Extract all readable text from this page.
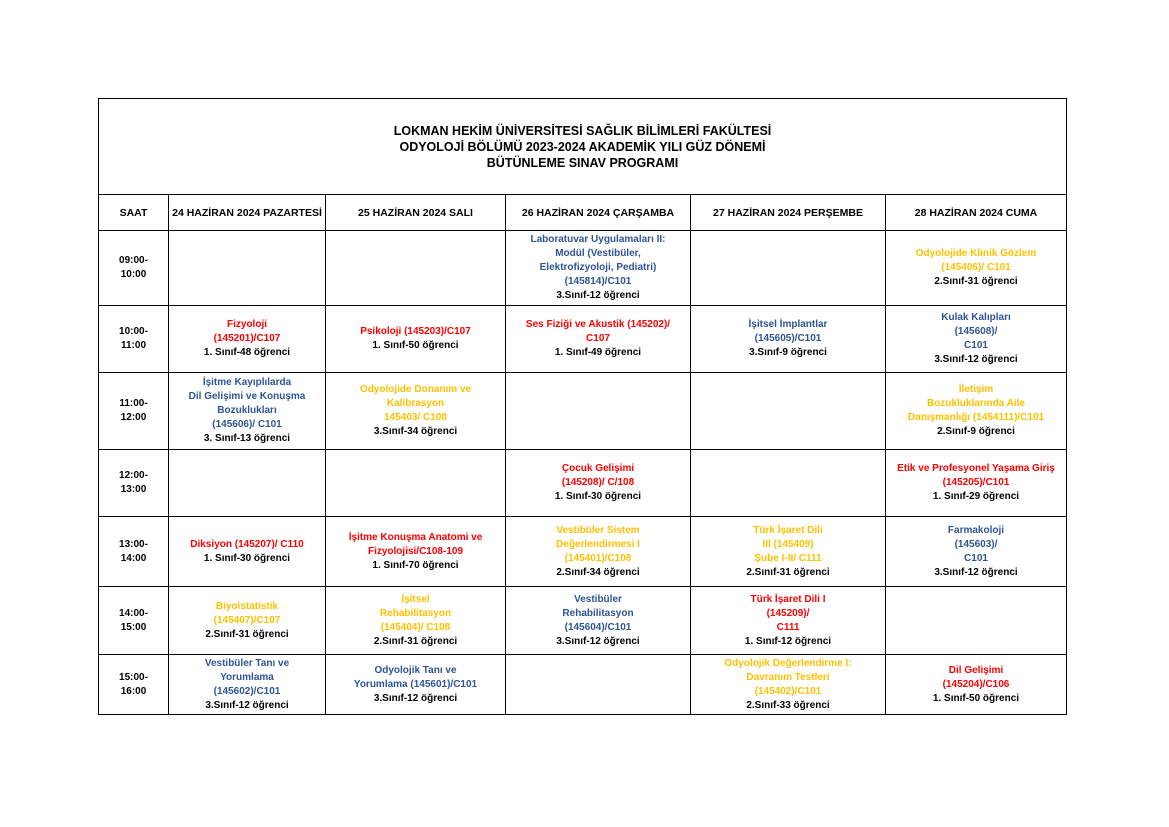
LOKMAN HEKİM ÜNİVERSİTESİ SAĞLIK BİLİMLERİ FAKÜLTESİ
ODYOLOJİ BÖLÜMÜ 2023-2024 AKADEMİK YILI GÜZ DÖNEMİ
BÜTÜNLEME SINAV PROGRAMI					

SAAT	24 HAZİRAN 2024 PAZARTESİ	25 HAZİRAN 2024 SALI	26 HAZİRAN 2024 ÇARŞAMBA	27 HAZİRAN 2024 PERŞEMBE	28 HAZİRAN 2024 CUMA

09:00-
10:00			Laboratuvar Uygulamaları II:
Modül (Vestibüler,
Elektrofizyoloji, Pediatri)
(145814)/C101
3.Sınıf-12 öğrenci		Odyolojide Klinik Gözlem
(145406)/ C101
2.Sınıf-31 öğrenci

10:00-
11:00	Fizyoloji
(145201)/C107
1. Sınıf-48 öğrenci	Psikoloji (145203)/C107
1. Sınıf-50 öğrenci	Ses Fiziği ve Akustik (145202)/
C107
1. Sınıf-49 öğrenci	İşitsel İmplantlar
(145605)/C101
3.Sınıf-9 öğrenci	Kulak Kalıpları
(145608)/
C101
3.Sınıf-12 öğrenci

11:00-
12:00	İşitme Kayıplılarda
Dil Gelişimi ve Konuşma
Bozuklukları
(145606)/ C101
3. Sınıf-13 öğrenci	Odyolojide Donanım ve
Kalibrasyon
145403/ C108
3.Sınıf-34 öğrenci			İletişim
Bozukluklarında Aile
Danışmanlığı (1454111)/C101
2.Sınıf-9 öğrenci

12:00-
13:00			Çocuk Gelişimi
(145208)/ C/108
1. Sınıf-30 öğrenci		Etik ve Profesyonel Yaşama Giriş
(145205)/C101
1. Sınıf-29 öğrenci

13:00-
14:00	Diksiyon (145207)/ C110
1. Sınıf-30 öğrenci	İşitme Konuşma Anatomi ve
Fizyolojisi/C108-109
1. Sınıf-70 öğrenci	Vestibüler Sistem
Değerlendirmesi I
(145401)/C108
2.Sınıf-34 öğrenci	Türk İşaret Dili
III (145409)
Şube I-II/ C111
2.Sınıf-31 öğrenci	Farmakoloji
(145603)/
C101
3.Sınıf-12 öğrenci

14:00-
15:00	Biyoistatistik
(145407)/C107
2.Sınıf-31 öğrenci	İşitsel
Rehabilitasyon
(145404)/ C108
2.Sınıf-31 öğrenci	Vestibüler
Rehabilitasyon
(145604)/C101
3.Sınıf-12 öğrenci	Türk İşaret Dili I
(145209)/
C111
1. Sınıf-12 öğrenci	

15:00-
16:00	Vestibüler Tanı ve
Yorumlama
(145602)/C101
3.Sınıf-12 öğrenci	Odyolojik Tanı ve
Yorumlama (145601)/C101
3.Sınıf-12 öğrenci		Odyolojik Değerlendirme I:
Davranım Testleri
(145402)/C101
2.Sınıf-33 öğrenci	Dil Gelişimi
(145204)/C106
1. Sınıf-50 öğrenci
